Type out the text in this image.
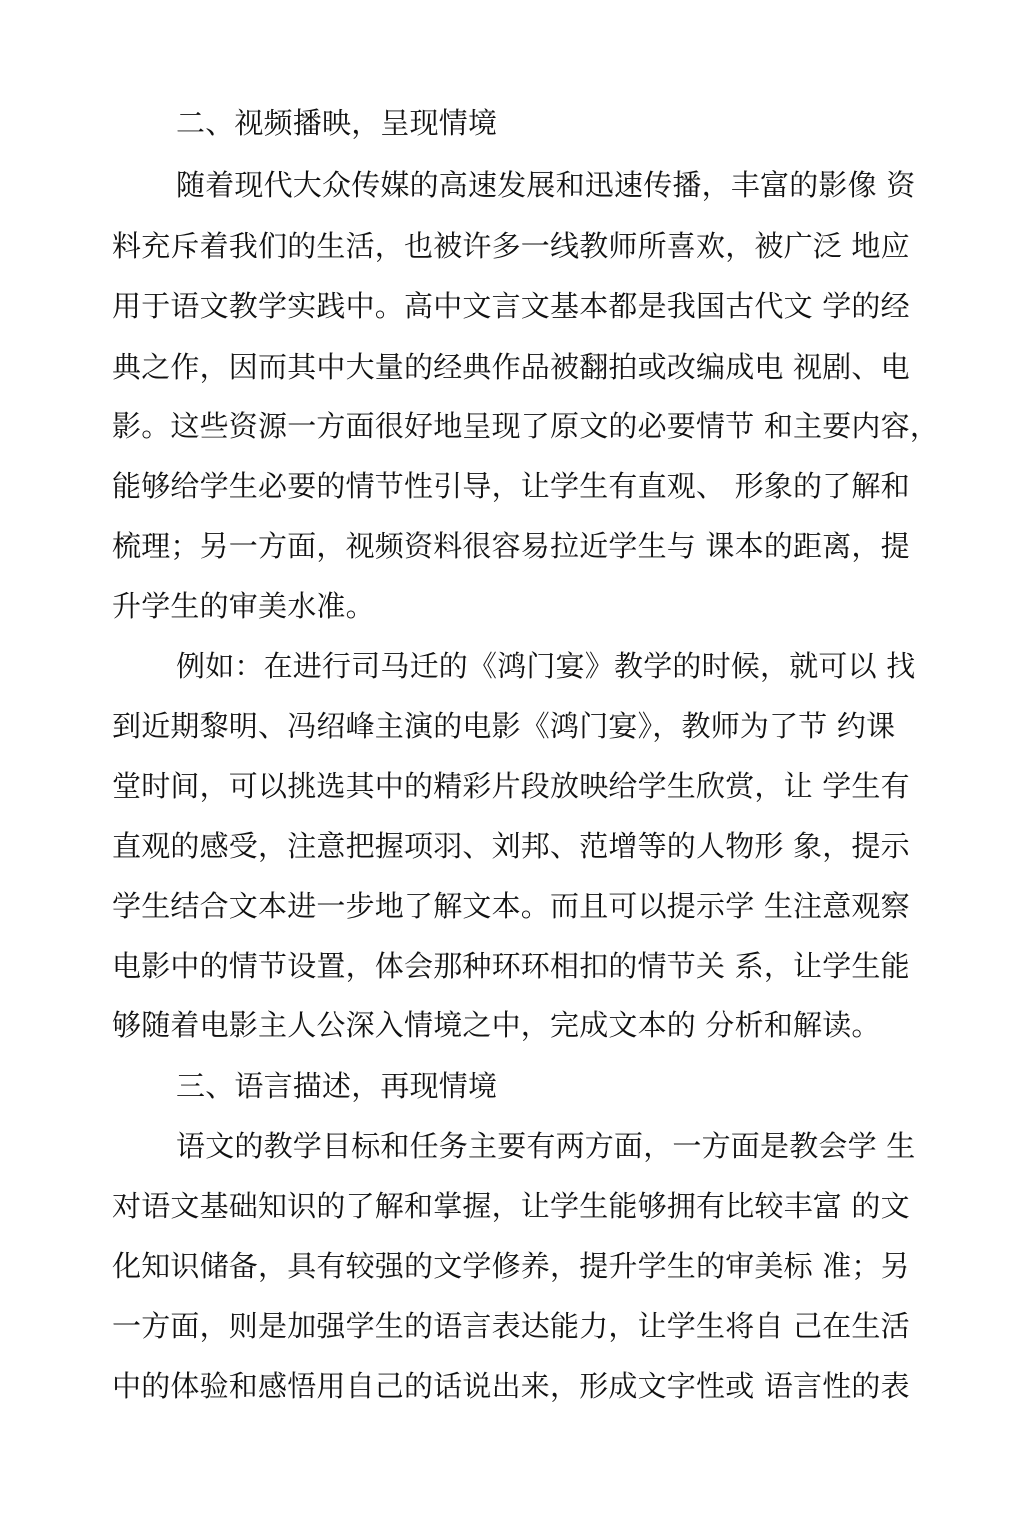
二、视频播映，呈现情境
随着现代大众传媒的高速发展和迅速传播，丰富的影像 资
料充斥着我们的生活，也被许多一线教师所喜欢，被广泛 地应
用于语文教学实践中。高中文言文基本都是我国古代文 学的经
典之作，因而其中大量的经典作品被翻拍或改编成电 视剧、电
影。这些资源一方面很好地呈现了原文的必要情节 和主要内容，
能够给学生必要的情节性引导，让学生有直观、 形象的了解和
梳理；另一方面，视频资料很容易拉近学生与 课本的距离，提
升学生的审美水准。
例如：在进行司马迁的《鸿门宴》教学的时候，就可以 找
到近期黎明、冯绍峰主演的电影《鸿门宴》，教师为了节 约课
堂时间，可以挑选其中的精彩片段放映给学生欣赏，让 学生有
直观的感受，注意把握项羽、刘邦、范增等的人物形 象，提示
学生结合文本进一步地了解文本。而且可以提示学 生注意观察
电影中的情节设置，体会那种环环相扣的情节关 系，让学生能
够随着电影主人公深入情境之中，完成文本的 分析和解读。
三、语言描述，再现情境
语文的教学目标和任务主要有两方面，一方面是教会学 生
对语文基础知识的了解和掌握，让学生能够拥有比较丰富 的文
化知识储备，具有较强的文学修养，提升学生的审美标 准；另
一方面，则是加强学生的语言表达能力，让学生将自 己在生活
中的体验和感悟用自己的话说出来，形成文字性或 语言性的表
